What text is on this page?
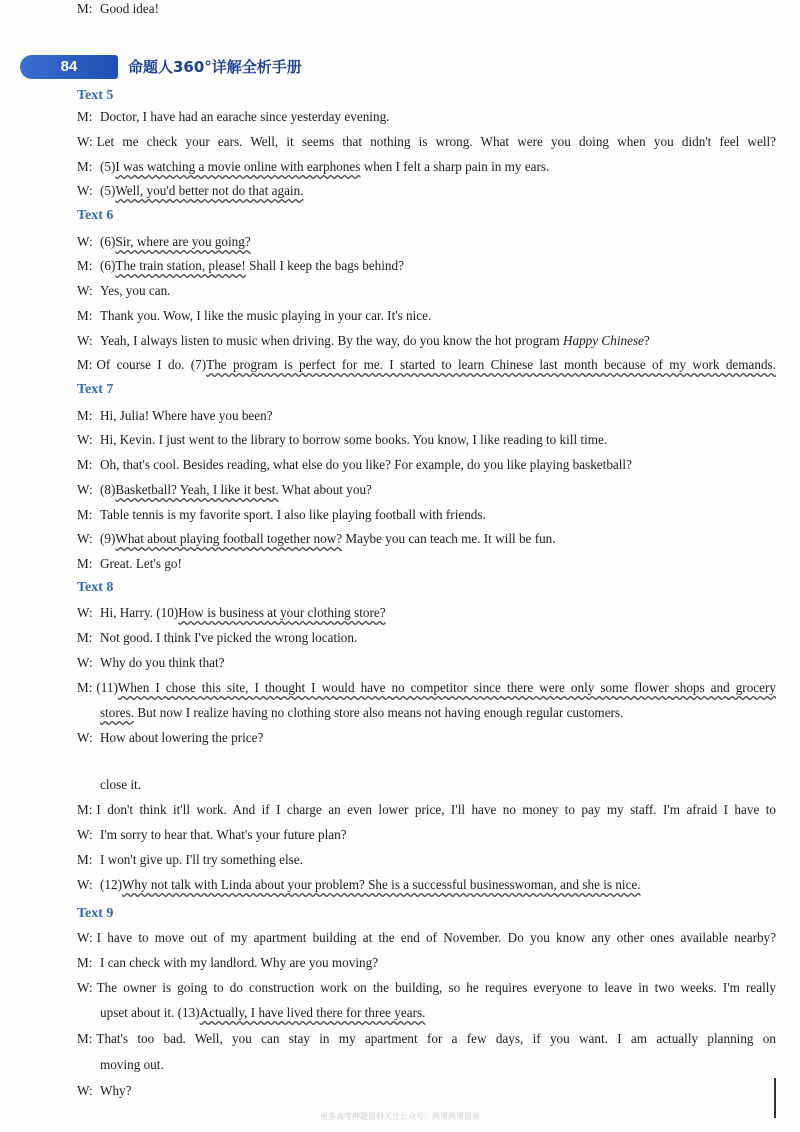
84	命题人360°详解全析手册
Text 5
M: Doctor, I have had an earache since yesterday evening.
W: Let me check your ears. Well, it seems that nothing is wrong. What were you doing when you didn't feel well?
M: (5)I was watching a movie online with earphones when I felt a sharp pain in my ears.
W: (5)Well, you'd better not do that again.
Text 6
W: (6)Sir, where are you going?
M: (6)The train station, please! Shall I keep the bags behind?
W: Yes, you can.
M: Thank you. Wow, I like the music playing in your car. It's nice.
W: Yeah, I always listen to music when driving. By the way, do you know the hot program Happy Chinese?
M: Of course I do. (7)The program is perfect for me. I started to learn Chinese last month because of my work demands.
Text 7
M: Hi, Julia! Where have you been?
W: Hi, Kevin. I just went to the library to borrow some books. You know, I like reading to kill time.
M: Oh, that's cool. Besides reading, what else do you like? For example, do you like playing basketball?
W: (8)Basketball? Yeah, I like it best. What about you?
M: Table tennis is my favorite sport. I also like playing football with friends.
W: (9)What about playing football together now? Maybe you can teach me. It will be fun.
M: Great. Let's go!
Text 8
W: Hi, Harry. (10)How is business at your clothing store?
M: Not good. I think I've picked the wrong location.
W: Why do you think that?
M: (11)When I chose this site, I thought I would have no competitor since there were only some flower shops and grocery
stores. But now I realize having no clothing store also means not having enough regular customers.
W: How about lowering the price?
M: I don't think it'll work. And if I charge an even lower price, I'll have no money to pay my staff. I'm afraid I have to
close it.
W: I'm sorry to hear that. What's your future plan?
M: I won't give up. I'll try something else.
W: (12)Why not talk with Linda about your problem? She is a successful businesswoman, and she is nice.
M: Good idea!
Text 9
W: I have to move out of my apartment building at the end of November. Do you know any other ones available nearby?
M: I can check with my landlord. Why are you moving?
W: The owner is going to do construction work on the building, so he requires everyone to leave in two weeks. I'm really
upset about it. (13)Actually, I have lived there for three years.
M: That's too bad. Well, you can stay in my apartment for a few days, if you want. I am actually planning on
moving out.
W: Why?
更多高考押题资料关注公众号：网课网课资源
